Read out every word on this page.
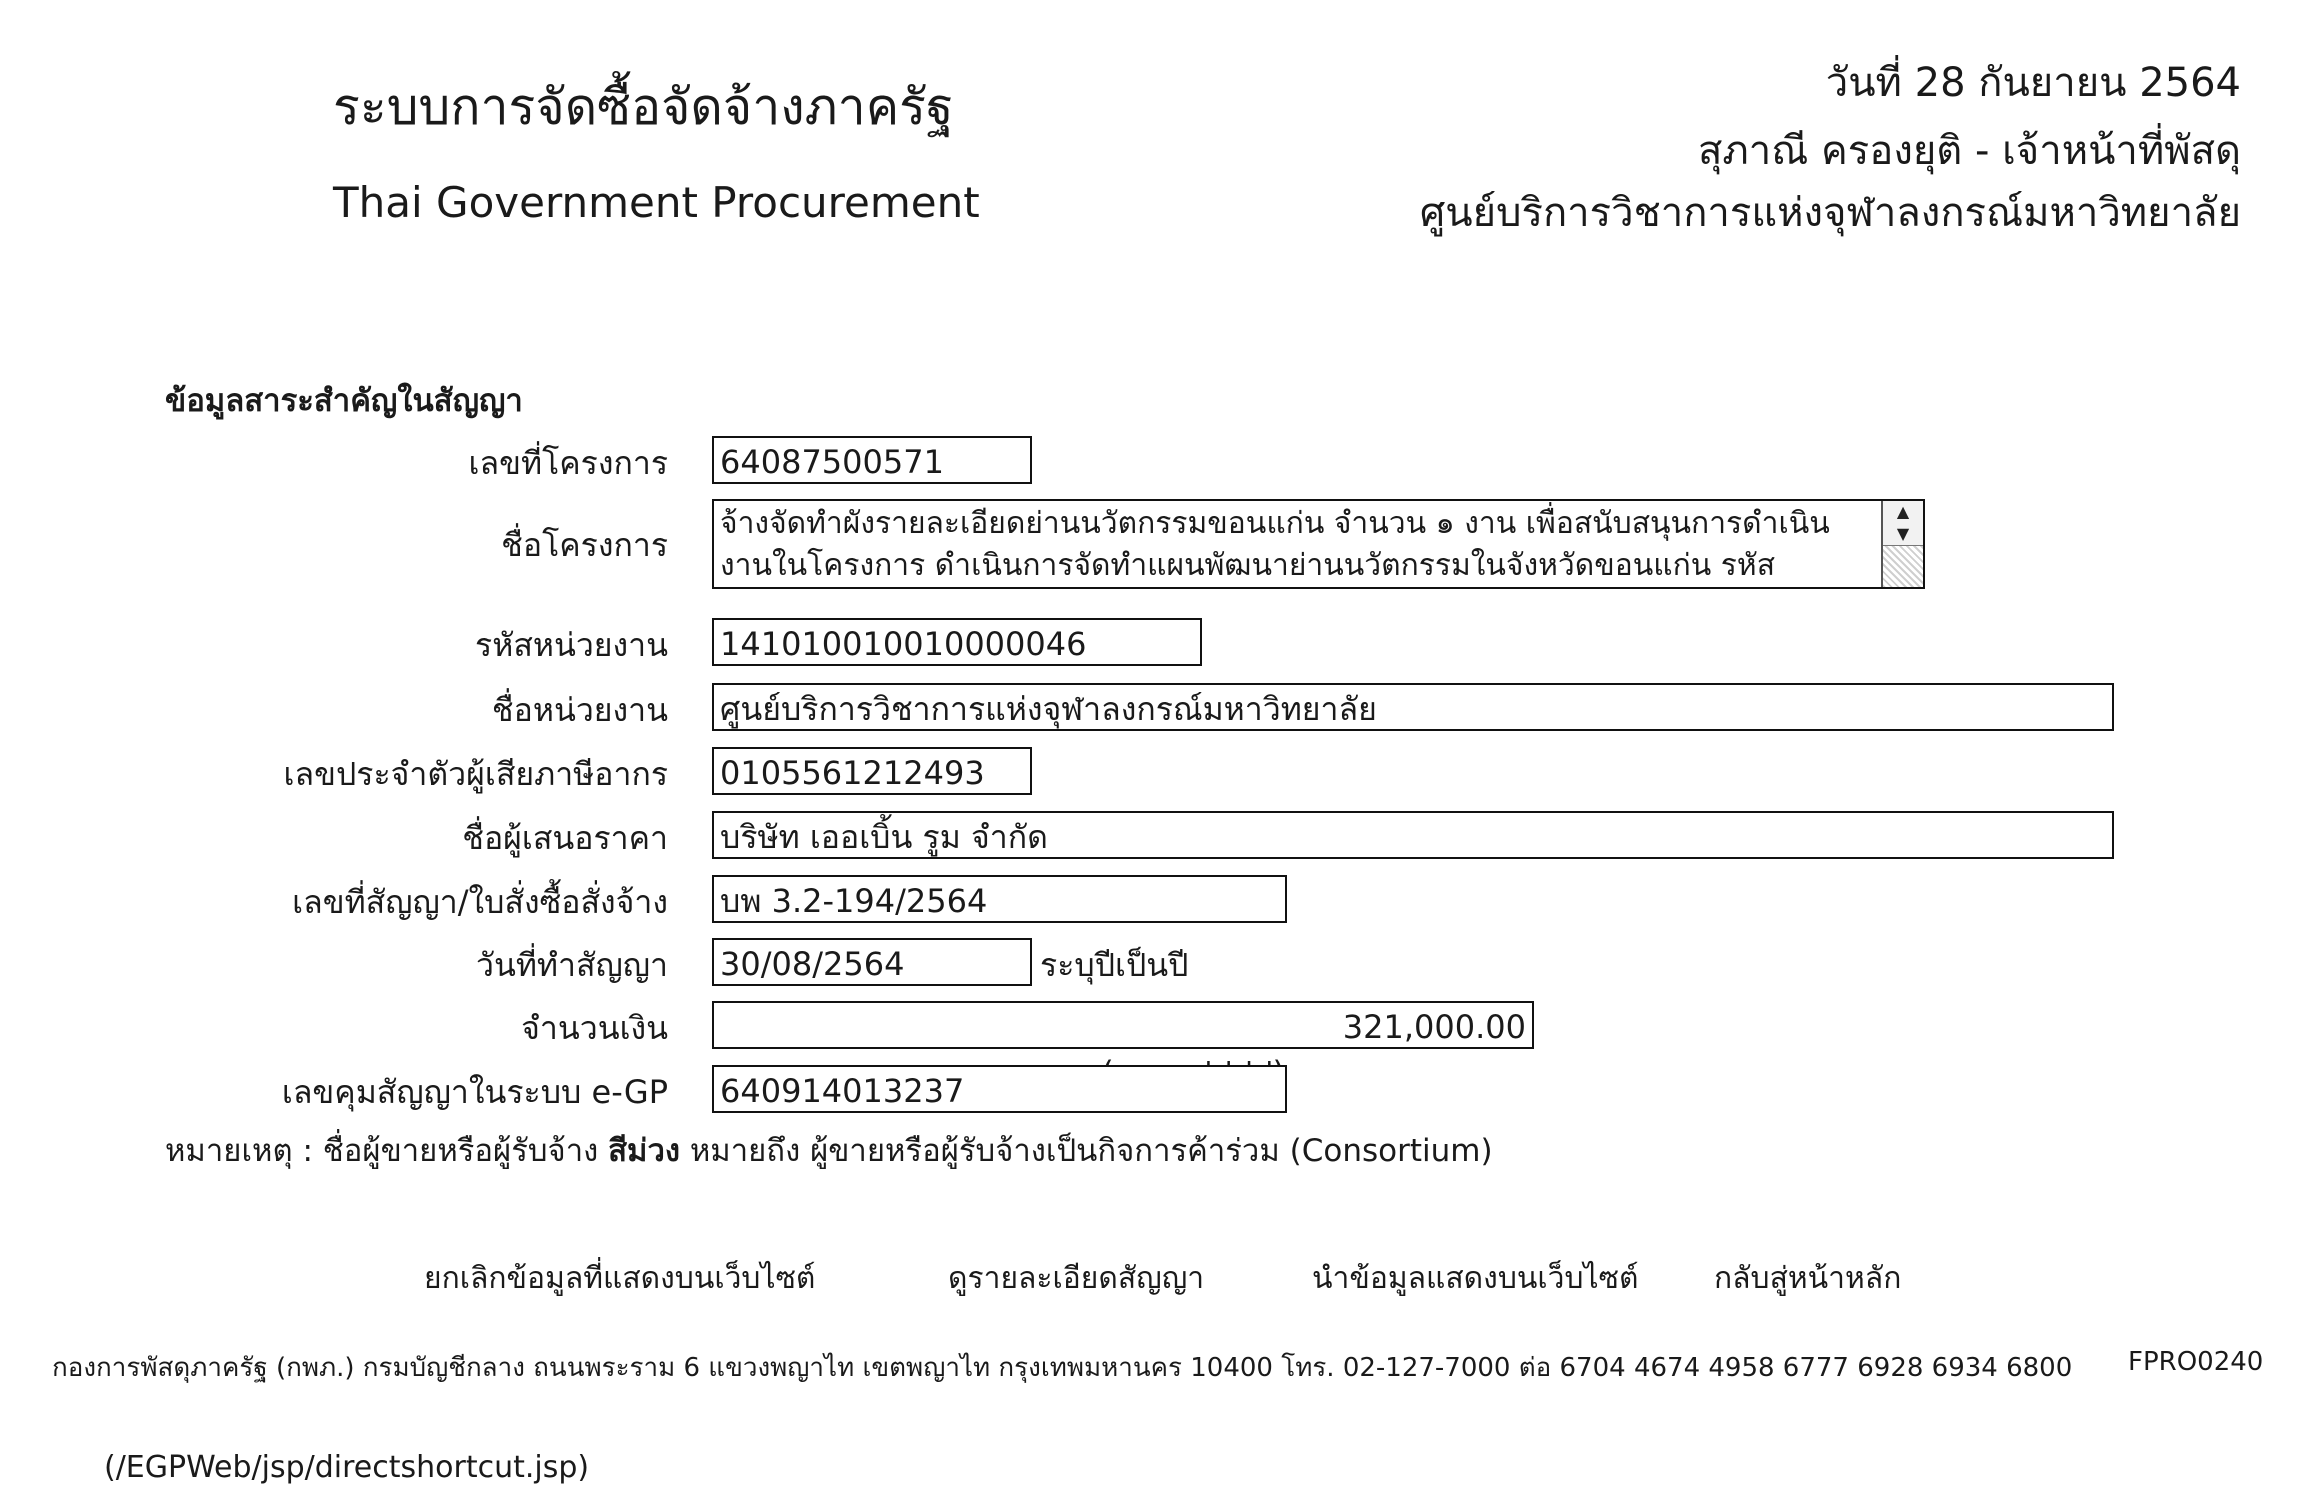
ระบบการจัดซื้อจัดจ้างภาครัฐ
Thai Government Procurement
วันที่ 28 กันยายน 2564
สุภาณี ครองยุติ - เจ้าหน้าที่พัสดุ
ศูนย์บริการวิชาการแห่งจุฬาลงกรณ์มหาวิทยาลัย
ข้อมูลสาระสำคัญในสัญญา
เลขที่โครงการ 64087500571
ชื่อโครงการ
จ้างจัดทำผังรายละเอียดย่านนวัตกรรมขอนแก่น จำนวน ๑ งาน เพื่อสนับสนุนการดำเนินงานในโครงการ ดำเนินการจัดทำแผนพัฒนาย่านนวัตกรรมในจังหวัดขอนแก่น รหัส
▲
▼
รหัสหน่วยงาน 141010010010000046
ชื่อหน่วยงาน ศูนย์บริการวิชาการแห่งจุฬาลงกรณ์มหาวิทยาลัย
เลขประจำตัวผู้เสียภาษีอากร 0105561212493
ชื่อผู้เสนอราคา บริษัท เออเบิ้น รูม จำกัด
เลขที่สัญญา/ใบสั่งซื้อสั่งจ้าง บพ 3.2-194/2564
วันที่ทำสัญญา 30/08/2564	ระบุปีเป็นปี
จำนวนเงิน	321,000.00
เลขคุมสัญญาในระบบ e-GP 640914013237
หมายเหตุ : ชื่อผู้ขายหรือผู้รับจ้าง สีม่วง หมายถึง ผู้ขายหรือผู้รับจ้างเป็นกิจการค้าร่วม (Consortium)
ยกเลิกข้อมูลที่แสดงบนเว็บไซต์	ดูรายละเอียดสัญญา	นำข้อมูลแสดงบนเว็บไซต์	กลับสู่หน้าหลัก
กองการพัสดุภาครัฐ (กพภ.) กรมบัญชีกลาง ถนนพระราม 6 แขวงพญาไท เขตพญาไท กรุงเทพมหานคร 10400 โทร. 02-127-7000 ต่อ 6704 4674 4958 6777 6928 6934 6800 FPRO0240
(/EGPWeb/jsp/directshortcut.jsp)
